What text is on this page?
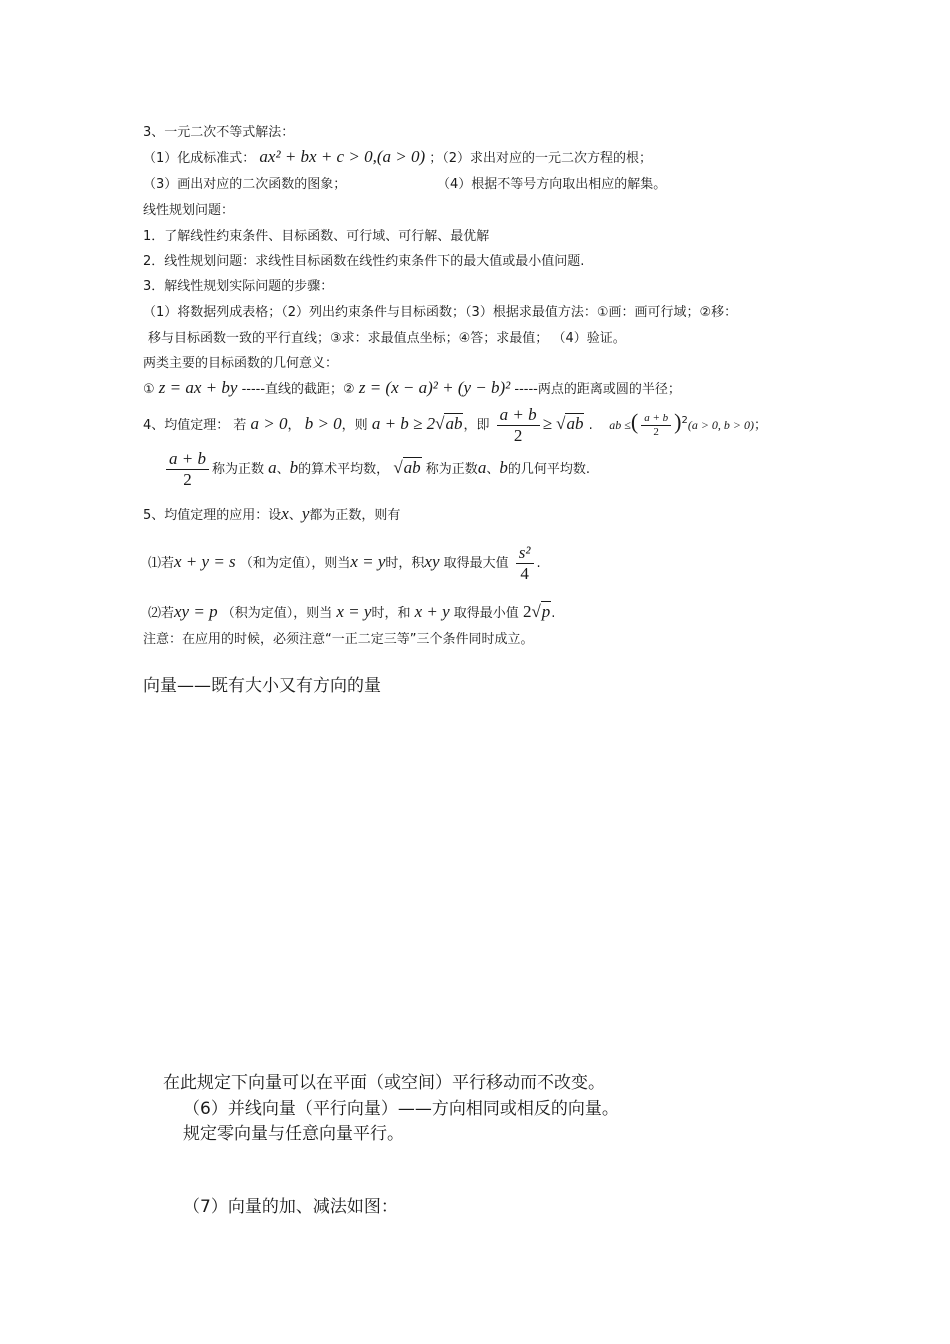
3、一元二次不等式解法：
（1）化成标准式： ax² + bx + c > 0,(a > 0) ；（2）求出对应的一元二次方程的根；
（3）画出对应的二次函数的图象；	（4）根据不等号方向取出相应的解集。
线性规划问题：
1．了解线性约束条件、目标函数、可行域、可行解、最优解
2．线性规划问题：求线性目标函数在线性约束条件下的最大值或最小值问题.
3．解线性规划实际问题的步骤：
（1）将数据列成表格；（2）列出约束条件与目标函数；（3）根据求最值方法：①画：画可行域；②移：
移与目标函数一致的平行直线；③求：求最值点坐标；④答；求最值； （4）验证。
两类主要的目标函数的几何意义：
① z = ax + by -----直线的截距；② z = (x − a)² + (y − b)² -----两点的距离或圆的半径；
4、均值定理： 若 a > 0， b > 0，则 a + b ≥ 2√ab，即 $\frac{a + b}{2} \ge √ab$ . ab ≤( $\frac{a + b}{2} )^2(a > 0$, b > 0)；
$\frac{a + b}{2}$ 称为正数 a、b的算术平均数， √ab 称为正数a、b的几何平均数.
5、均值定理的应用：设x、y都为正数，则有
⑴若x + y = s （和为定值），则当x = y时，积xy 取得最大值 $\frac{\text{s²}}{4}$ .
⑵若xy = p （积为定值），则当 x = y时，和 x + y 取得最小值 2√p.
注意：在应用的时候，必须注意“一正二定三等”三个条件同时成立。
向量——既有大小又有方向的量
在此规定下向量可以在平面（或空间）平行移动而不改变。
（6）并线向量（平行向量）——方向相同或相反的向量。
规定零向量与任意向量平行。
（7）向量的加、减法如图：
